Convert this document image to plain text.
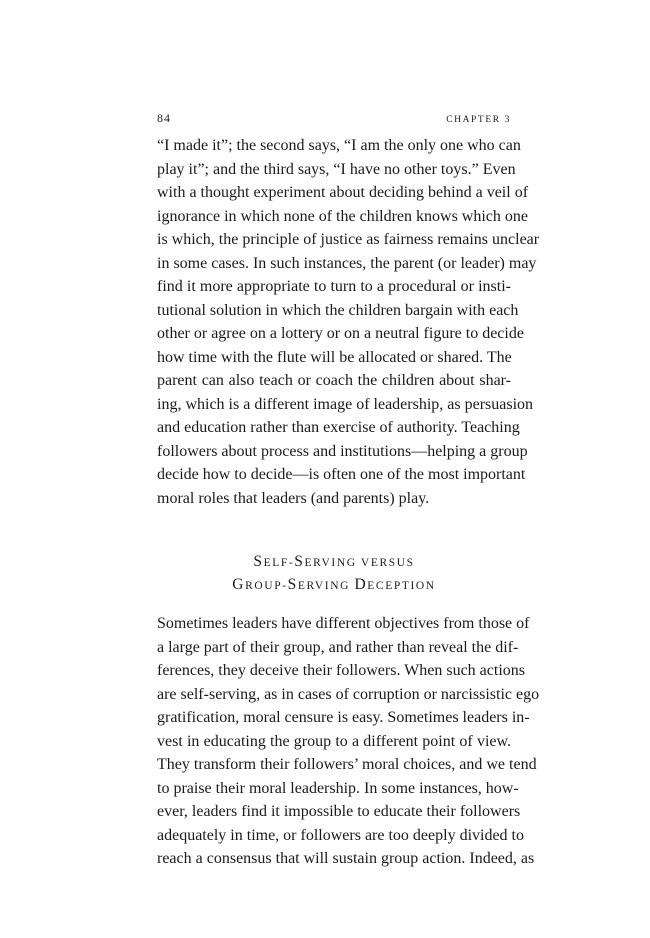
84	CHAPTER 3
“I made it”; the second says, “I am the only one who can
play it”; and the third says, “I have no other toys.” Even
with a thought experiment about deciding behind a veil of
ignorance in which none of the children knows which one
is which, the principle of justice as fairness remains unclear
in some cases. In such instances, the parent (or leader) may
find it more appropriate to turn to a procedural or insti-
tutional solution in which the children bargain with each
other or agree on a lottery or on a neutral figure to decide
how time with the flute will be allocated or shared. The
parent can also teach or coach the children about shar-
ing, which is a different image of leadership, as persuasion
and education rather than exercise of authority. Teaching
followers about process and institutions—helping a group
decide how to decide—is often one of the most important
moral roles that leaders (and parents) play.
SELF-SERVING VERSUS
GROUP-SERVING DECEPTION
Sometimes leaders have different objectives from those of
a large part of their group, and rather than reveal the dif-
ferences, they deceive their followers. When such actions
are self-serving, as in cases of corruption or narcissistic ego
gratification, moral censure is easy. Sometimes leaders in-
vest in educating the group to a different point of view.
They transform their followers’ moral choices, and we tend
to praise their moral leadership. In some instances, how-
ever, leaders find it impossible to educate their followers
adequately in time, or followers are too deeply divided to
reach a consensus that will sustain group action. Indeed, as
